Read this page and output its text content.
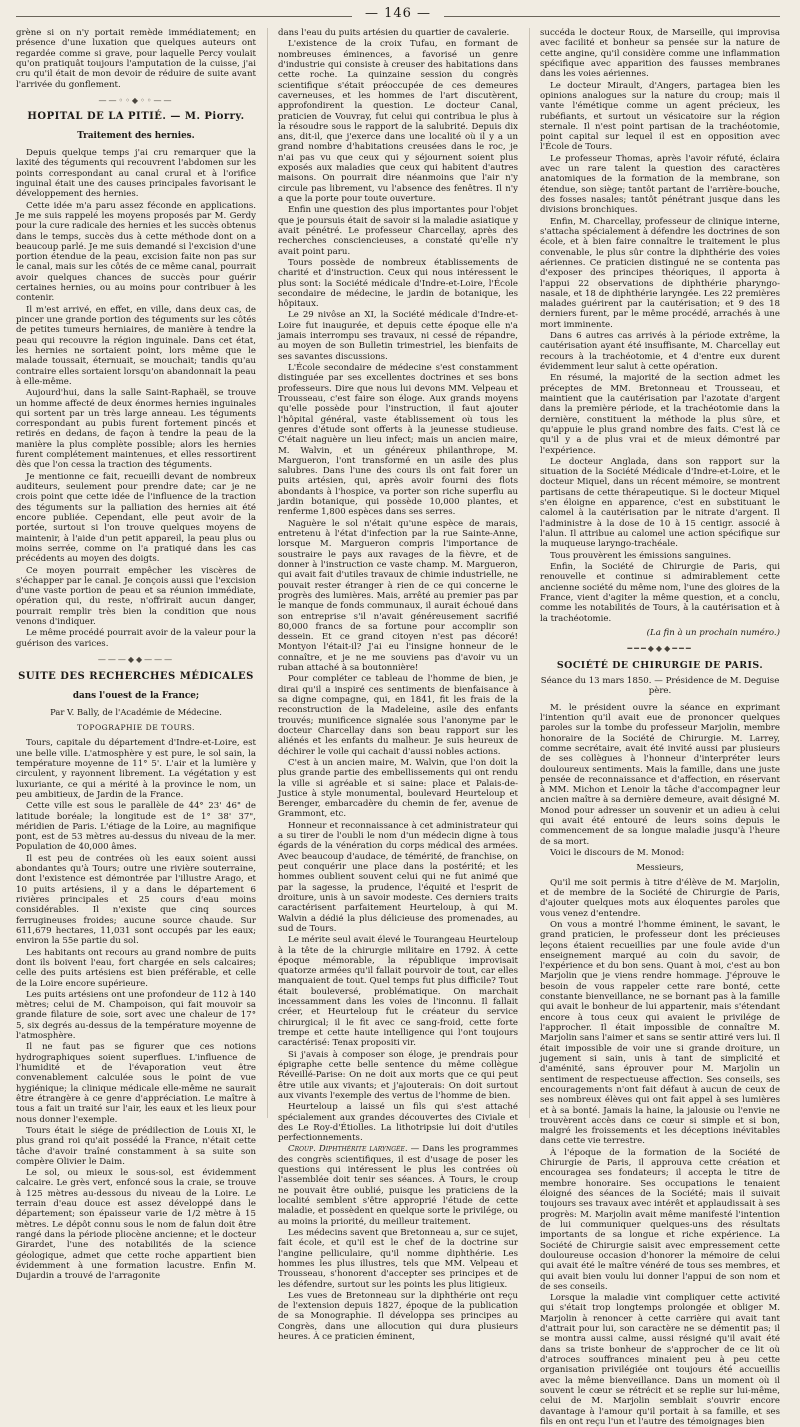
— 146 —

grène si on n'y portait remède immédiatement; en présence d'une luxation que quelques auteurs ont regardée comme si grave, pour laquelle Percy voulait qu'on pratiquât toujours l'amputation de la cuisse, j'ai cru qu'il était de mon devoir de réduire de suite avant l'arrivée du gonflement.

——◦◦◆◦◦——
HOPITAL DE LA PITIÉ. — M. Piorry.
Traitement des hernies.

Depuis quelque temps j'ai cru remarquer que la laxité des téguments qui recouvrent l'abdomen sur les points correspondant au canal crural et à l'orifice inguinal était une des causes principales favorisant le développement des hernies.

Cette idée m'a paru assez féconde en applications. Je me suis rappelé les moyens proposés par M. Gerdy pour la cure radicale des hernies et les succès obtenus dans le temps, succès dus à cette méthode dont on a beaucoup parlé. Je me suis demandé si l'excision d'une portion étendue de la peau, excision faite non pas sur le canal, mais sur les côtés de ce même canal, pourrait avoir quelques chances de succès pour guérir certaines hernies, ou au moins pour contribuer à les contenir.

Il m'est arrivé, en effet, en ville, dans deux cas, de pincer une grande portion des téguments sur les côtés de petites tumeurs herniaires, de manière à tendre la peau qui recouvre la région inguinale. Dans cet état, les hernies ne sortaient point, lors même que le malade toussait, éternuait, se mouchait; tandis qu'au contraire elles sortaient lorsqu'on abandonnait la peau à elle-même.

Aujourd'hui, dans la salle Saint-Raphaël, se trouve un homme affecté de deux énormes hernies inguinales qui sortent par un très large anneau. Les téguments correspondant au pubis furent fortement pincés et retirés en dedans, de façon à tendre la peau de la manière la plus complète possible; alors les hernies furent complétement maintenues, et elles ressortirent dès que l'on cessa la traction des téguments.

Je mentionne ce fait, recueilli devant de nombreux auditeurs, seulement pour prendre date; car je ne crois point que cette idée de l'influence de la traction des téguments sur la palliation des hernies ait été encore publiée. Cependant, elle peut avoir de la portée, surtout si l'on trouve quelques moyens de maintenir, à l'aide d'un petit appareil, la peau plus ou moins serrée, comme on l'a pratiqué dans les cas précédents au moyen des doigts.

Ce moyen pourrait empêcher les viscères de s'échapper par le canal. Je conçois aussi que l'excision d'une vaste portion de peau et sa réunion immédiate, opération qui, du reste, n'offrirait aucun danger, pourrait remplir très bien la condition que nous venons d'indiquer.

Le même procédé pourrait avoir de la valeur pour la guérison des varices.

———◆◆———
SUITE DES RECHERCHES MÉDICALES
dans l'ouest de la France;
Par V. Bally, de l'Académie de Médecine.
TOPOGRAPHIE DE TOURS.

Tours, capitale du département d'Indre-et-Loire, est une belle ville. L'atmosphère y est pure, le sol sain, la température moyenne de 11° 5'. L'air et la lumière y circulent, y rayonnent librement. La végétation y est luxuriante, ce qui a mérité à la province le nom, un peu ambitieux, de Jardin de la France.

Cette ville est sous le parallèle de 44° 23' 46" de latitude boréale; la longitude est de 1° 38' 37", méridien de Paris. L'étiage de la Loire, au magnifique pont, est de 53 mètres au-dessus du niveau de la mer. Population de 40,000 âmes.

Il est peu de contrées où les eaux soient aussi abondantes qu'à Tours; outre une rivière souterraine, dont l'existence est démontrée par l'illustre Arago, et 10 puits artésiens, il y a dans le département 6 rivières principales et 25 cours d'eau moins considérables. Il n'existe que cinq sources ferrugineuses froides; aucune source chaude. Sur 611,679 hectares, 11,031 sont occupés par les eaux; environ la 55e partie du sol.

Les habitants ont recours au grand nombre de puits dont ils boivent l'eau, fort chargée en sels calcaires; celle des puits artésiens est bien préférable, et celle de la Loire encore supérieure.

Les puits artésiens ont une profondeur de 112 à 140 mètres; celui de M. Champoison, qui fait mouvoir sa grande filature de soie, sort avec une chaleur de 17° 5, six degrés au-dessus de la température moyenne de l'atmosphère.

Il ne faut pas se figurer que ces notions hydrographiques soient superflues. L'influence de l'humidité et de l'évaporation veut être convenablement calculée sous le point de vue hygiénique; la clinique médicale elle-même ne saurait être étrangère à ce genre d'appréciation. Le maître à tous a fait un traité sur l'air, les eaux et les lieux pour nous donner l'exemple.

Tours était le siége de prédilection de Louis XI, le plus grand roi qu'ait possédé la France, n'était cette tâche d'avoir traîné constamment à sa suite son compère Olivier le Daim.

Le sol, ou mieux le sous-sol, est évidemment calcaire. Le grès vert, enfoncé sous la craie, se trouve à 125 mètres au-dessous du niveau de la Loire. Le terrain d'eau douce est assez développé dans le département; son épaisseur varie de 1/2 mètre à 15 mètres. Le dépôt connu sous le nom de falun doit être rangé dans la période pliocène ancienne; et le docteur Girardet, l'une des notabilités de la science géologique, admet que cette roche appartient bien évidemment à une formation lacustre. Enfin M. Dujardin a trouvé de l'arragonite

dans l'eau du puits artésien du quartier de cavalerie.

L'existence de la croix Tufau, en formant de nombreuses éminences, a favorisé un genre d'industrie qui consiste à creuser des habitations dans cette roche. La quinzaine session du congrès scientifique s'était préoccupée de ces demeures caverneuses, et les hommes de l'art discutèrent, approfondirent la question. Le docteur Canal, praticien de Vouvray, fut celui qui contribua le plus à la résoudre sous le rapport de la salubrité. Depuis dix ans, dit-il, que j'exerce dans une localité où il y a un grand nombre d'habitations creusées dans le roc, je n'ai pas vu que ceux qui y séjournent soient plus exposés aux maladies que ceux qui habitent d'autres maisons. On pourrait dire néanmoins que l'air n'y circule pas librement, vu l'absence des fenêtres. Il n'y a que la porte pour toute ouverture.

Enfin une question des plus importantes pour l'objet que je poursuis était de savoir si la maladie asiatique y avait pénétré. Le professeur Charcellay, après des recherches consciencieuses, a constaté qu'elle n'y avait point paru.

Tours possède de nombreux établissements de charité et d'instruction. Ceux qui nous intéressent le plus sont: la Société médicale d'Indre-et-Loire, l'École secondaire de médecine, le jardin de botanique, les hôpitaux.

Le 29 nivôse an XI, la Société médicale d'Indre-et-Loire fut inaugurée, et depuis cette époque elle n'a jamais interrompu ses travaux, ni cessé de répandre, au moyen de son Bulletin trimestriel, les bienfaits de ses savantes discussions.

L'École secondaire de médecine s'est constamment distinguée par ses excellentes doctrines et ses bons professeurs. Dire que nous lui devons MM. Velpeau et Trousseau, c'est faire son éloge. Aux grands moyens qu'elle possède pour l'instruction, il faut ajouter l'hôpital général, vaste établissement où tous les genres d'étude sont offerts à la jeunesse studieuse. C'était naguère un lieu infect; mais un ancien maire, M. Walvin, et un généreux philanthrope, M. Margueron, l'ont transformé en un asile des plus salubres. Dans l'une des cours ils ont fait forer un puits artésien, qui, après avoir fourni des flots abondants à l'hospice, va porter son riche superflu au jardin botanique, qui possède 10,000 plantes, et renferme 1,800 espèces dans ses serres.

Naguère le sol n'était qu'une espèce de marais, entretenu à l'état d'infection par la rue Sainte-Anne, lorsque M. Margueron compris l'importance de soustraire le pays aux ravages de la fièvre, et de donner à l'instruction ce vaste champ. M. Margueron, qui avait fait d'utiles travaux de chimie industrielle, ne pouvait rester étranger à rien de ce qui concerne le progrès des lumières. Mais, arrêté au premier pas par le manque de fonds communaux, il aurait échoué dans son entreprise s'il n'avait généreusement sacrifié 80,000 francs de sa fortune pour accomplir son dessein. Et ce grand citoyen n'est pas décoré! Montyon l'était-il? J'ai eu l'insigne honneur de le connaître, et je ne me souviens pas d'avoir vu un ruban attaché à sa boutonnière!

Pour compléter ce tableau de l'homme de bien, je dirai qu'il a inspiré ces sentiments de bienfaisance à sa digne compagne, qui, en 1841, fit les frais de la reconstruction de la Madeleine, asile des enfants trouvés; munificence signalée sous l'anonyme par le docteur Charcellay dans son beau rapport sur les aliénés et les enfants du malheur. Je suis heureux de déchirer le voile qui cachait d'aussi nobles actions.

C'est à un ancien maire, M. Walvin, que l'on doit la plus grande partie des embellissements qui ont rendu la ville si agréable et si saine: place et Palais-de-Justice à style monumental, boulevard Heurteloup et Berenger, embarcadère du chemin de fer, avenue de Grammont, etc.

Honneur et reconnaissance à cet administrateur qui a su tirer de l'oubli le nom d'un médecin digne à tous égards de la vénération du corps médical des armées. Avec beaucoup d'audace, de témérité, de franchise, on peut conquérir une place dans la postérité; et les hommes oublient souvent celui qui ne fut animé que par la sagesse, la prudence, l'équité et l'esprit de droiture, unis à un savoir modeste. Ces derniers traits caractérisent parfaitement Heurteloup, à qui M. Walvin a dédié la plus délicieuse des promenades, au sud de Tours.

Le mérite seul avait élevé le Tourangeau Heurteloup à la tête de la chirurgie militaire en 1792. À cette époque mémorable, la république improvisait quatorze armées qu'il fallait pourvoir de tout, car elles manquaient de tout. Quel temps fut plus difficile? Tout était bouleversé, problématique. On marchait incessamment dans les voies de l'inconnu. Il fallait créer, et Heurteloup fut le créateur du service chirurgical; il le fit avec ce sang-froid, cette forte trempe et cette haute intelligence qui l'ont toujours caractérisé: Tenax propositi vir.

Si j'avais à composer son éloge, je prendrais pour épigraphe cette belle sentence du même collègue Réveillé-Parise: On ne doit aux morts que ce qui peut être utile aux vivants; et j'ajouterais: On doit surtout aux vivants l'exemple des vertus de l'homme de bien.

Heurteloup a laissé un fils qui s'est attaché spécialement aux grandes découvertes des Civiale et des Le Roy-d'Étiolles. La lithotripsie lui doit d'utiles perfectionnements.

Croup. Diphthérite laryngée. — Dans les programmes des congrès scientifiques, il est d'usage de poser les questions qui intéressent le plus les contrées où l'assemblée doit tenir ses séances. À Tours, le croup ne pouvait être oublié, puisque les praticiens de la localité semblent s'être approprié l'étude de cette maladie, et possèdent en quelque sorte le privilége, ou au moins la priorité, du meilleur traitement.

Les médecins savent que Bretonneau a, sur ce sujet, fait école, et qu'il est le chef de la doctrine sur l'angine pelliculaire, qu'il nomme diphthérie. Les hommes les plus illustres, tels que MM. Velpeau et Trousseau, s'honorent d'accepter ses principes et de les défendre, surtout sur les points les plus litigieux.

Les vues de Bretonneau sur la diphthérie ont reçu de l'extension depuis 1827, époque de la publication de sa Monographie. Il développa ses principes au Congrès, dans une allocution qui dura plusieurs heures. À ce praticien éminent,

succéda le docteur Roux, de Marseille, qui improvisa avec facilité et bonheur sa pensée sur la nature de cette angine, qu'il considère comme une inflammation spécifique avec apparition des fausses membranes dans les voies aériennes.

Le docteur Mirault, d'Angers, partagea bien les opinions analogues sur la nature du croup; mais il vante l'émétique comme un agent précieux, les rubéfiants, et surtout un vésicatoire sur la région sternale. Il n'est point partisan de la trachéotomie, point capital sur lequel il est en opposition avec l'École de Tours.

Le professeur Thomas, après l'avoir réfuté, éclaira avec un rare talent la question des caractères anatomiques de la formation de la membrane, son étendue, son siège; tantôt partant de l'arrière-bouche, des fosses nasales; tantôt pénétrant jusque dans les divisions bronchiques.

Enfin, M. Charcellay, professeur de clinique interne, s'attacha spécialement à défendre les doctrines de son école, et à bien faire connaître le traitement le plus convenable, le plus sûr contre la diphthérie des voies aériennes. Ce praticien distingué ne se contenta pas d'exposer des principes théoriques, il apporta à l'appui 22 observations de diphthérie pharyngo-nasale, et 18 de diphthérie laryngée. Les 22 premières malades guérirent par la cautérisation; et 9 des 18 derniers furent, par le même procédé, arrachés à une mort imminente.

Dans 6 autres cas arrivés à la période extrême, la cautérisation ayant été insuffisante, M. Charcellay eut recours à la trachéotomie, et 4 d'entre eux durent évidemment leur salut à cette opération.

En résumé, la majorité de la section admet les préceptes de MM. Bretonneau et Trousseau, et maintient que la cautérisation par l'azotate d'argent dans la première période, et la trachéotomie dans la dernière, constituent la méthode la plus sûre, et qu'appuie le plus grand nombre des faits. C'est là ce qu'il y a de plus vrai et de mieux démontré par l'expérience.

Le docteur Anglada, dans son rapport sur la situation de la Société Médicale d'Indre-et-Loire, et le docteur Miquel, dans un récent mémoire, se montrent partisans de cette thérapeutique. Si le docteur Miquel s'en éloigne en apparence, c'est en substituant le calomel à la cautérisation par le nitrate d'argent. Il l'administre à la dose de 10 à 15 centigr. associé à l'alun. Il attribue au calomel une action spécifique sur la muqueuse laryngo-trachéale.

Tous prouvèrent les émissions sanguines.

Enfin, la Société de Chirurgie de Paris, qui renouvelle et continue si admirablement cette ancienne société du même nom, l'une des gloires de la France, vient d'agiter la même question, et a conclu, comme les notabilités de Tours, à la cautérisation et à la trachéotomie.

(La fin à un prochain numéro.)
━━━◆◆◆━━━
SOCIÉTÉ DE CHIRURGIE DE PARIS.
Séance du 13 mars 1850. — Présidence de M. Deguise père.

M. le président ouvre la séance en exprimant l'intention qu'il avait eue de prononcer quelques paroles sur la tombe du professeur Marjolin, membre honoraire de la Société de Chirurgie. M. Larrey, comme secrétaire, avait été invité aussi par plusieurs de ses collègues à l'honneur d'interpréter leurs douloureux sentiments. Mais la famille, dans une juste pensée de reconnaissance et d'affection, en réservant à MM. Michon et Lenoir la tâche d'accompagner leur ancien maître à sa dernière demeure, avait désigné M. Monod pour adresser un souvenir et un adieu à celui qui avait été entouré de leurs soins depuis le commencement de sa longue maladie jusqu'à l'heure de sa mort.

Voici le discours de M. Monod:

Messieurs,

Qu'il me soit permis à titre d'élève de M. Marjolin, et de membre de la Société de Chirurgie de Paris, d'ajouter quelques mots aux éloquentes paroles que vous venez d'entendre.

On vous a montré l'homme éminent, le savant, le grand praticien, le professeur dont les précieuses leçons étaient recueillies par une foule avide d'un enseignement marqué au coin du savoir, de l'expérience et du bon sens. Quant à moi, c'est au bon Marjolin que je viens rendre hommage. J'éprouve le besoin de vous rappeler cette rare bonté, cette constante bienveillance, ne se bornant pas à la famille qui avait le bonheur de lui appartenir, mais s'étendant encore à tous ceux qui avaient le privilége de l'approcher. Il était impossible de connaître M. Marjolin sans l'aimer et sans se sentir attiré vers lui. Il était impossible de voir une si grande droiture, un jugement si sain, unis à tant de simplicité et d'aménité, sans éprouver pour M. Marjolin un sentiment de respectueuse affection. Ses conseils, ses encouragements n'ont fait défaut à aucun de ceux de ses nombreux élèves qui ont fait appel à ses lumières et à sa bonté. Jamais la haine, la jalousie ou l'envie ne trouvèrent accès dans ce cœur si simple et si bon, malgré les froissements et les déceptions inévitables dans cette vie terrestre.

À l'époque de la formation de la Société de Chirurgie de Paris, il approuva cette création et encouragea ses fondateurs; il accepta le titre de membre honoraire. Ses occupations le tenaient éloigné des séances de la Société; mais il suivait toujours ses travaux avec intérêt et applaudissait à ses progrès: M. Marjolin avait même manifesté l'intention de lui communiquer quelques-uns des résultats importants de sa longue et riche expérience. La Société de Chirurgie saisit avec empressement cette douloureuse occasion d'honorer la mémoire de celui qui avait été le maître vénéré de tous ses membres, et qui avait bien voulu lui donner l'appui de son nom et de ses conseils.

Lorsque la maladie vint compliquer cette activité qui s'était trop longtemps prolongée et obliger M. Marjolin à renoncer à cette carrière qui avait tant d'attrait pour lui, son caractère ne se démentit pas; il se montra aussi calme, aussi résigné qu'il avait été dans sa triste bonheur de s'approcher de ce lit où d'atroces souffrances minaient peu à peu cette organisation privilégiée ont toujours été accueillis avec la même bienveillance. Dans un moment où il souvent le cœur se rétrécit et se replie sur lui-même, celui de M. Marjolin semblait s'ouvrir encore davantage à l'amour qu'il portait à sa famille, et ses fils en ont reçu l'un et l'autre des témoignages bien
